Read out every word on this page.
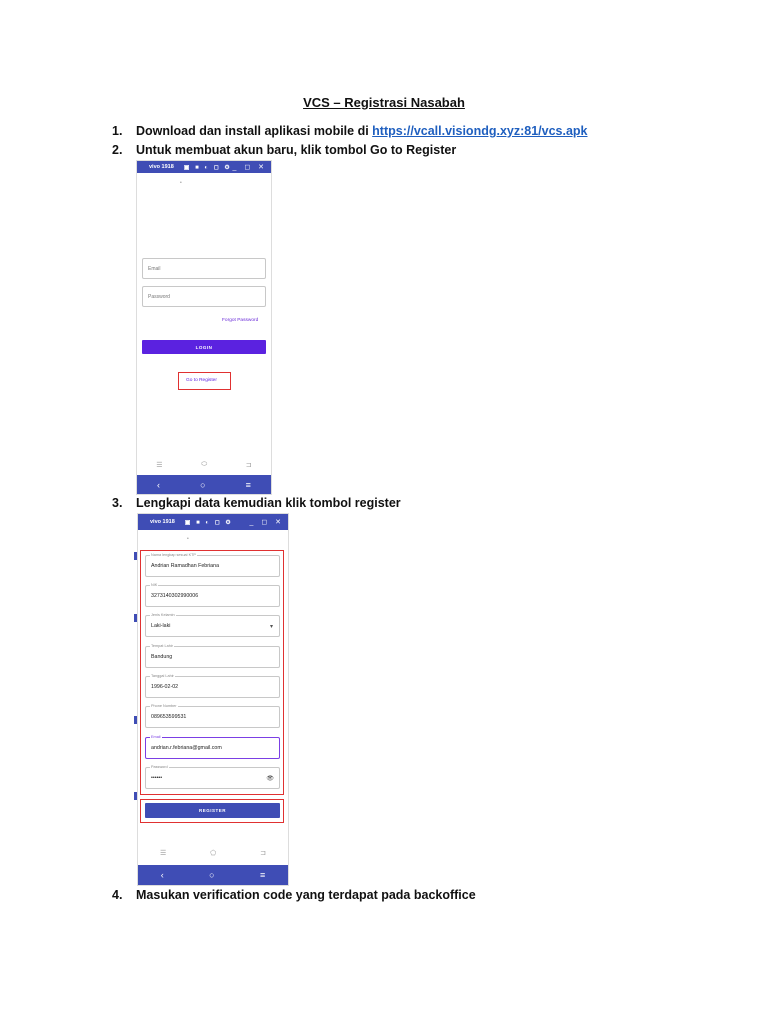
VCS – Registrasi Nasabah
1. Download dan install aplikasi mobile di https://vcall.visiondg.xyz:81/vcs.apk
2. Untuk membuat akun baru, klik tombol Go to Register
vivo 1918 ▣ ■ ◐ ◻ ⚙ _ ◻ ✕
•
Email
Password
Forgot Password
LOGIN
Go to Register
☰	⬭	⊐
‹	○	≡
3. Lengkapi data kemudian klik tombol register
vivo 1918 ▣ ■ ◐ ◻ ⚙ _ ◻ ✕
•
Nama lengkap sesuai KTP
Andrian Ramadhan Febriana
NIK
3273140302990006
Jenis Kelamin
Laki-laki	▾
Tempat Lahir
Bandung
Tanggal Lahir
1996-02-02
Phone Number
089653599531
Email
andrian.r.febriana@gmail.com
Password
••••••	👁
REGISTER
☰	⬠	⊐
‹	○	≡
4. Masukan verification code yang terdapat pada backoffice
